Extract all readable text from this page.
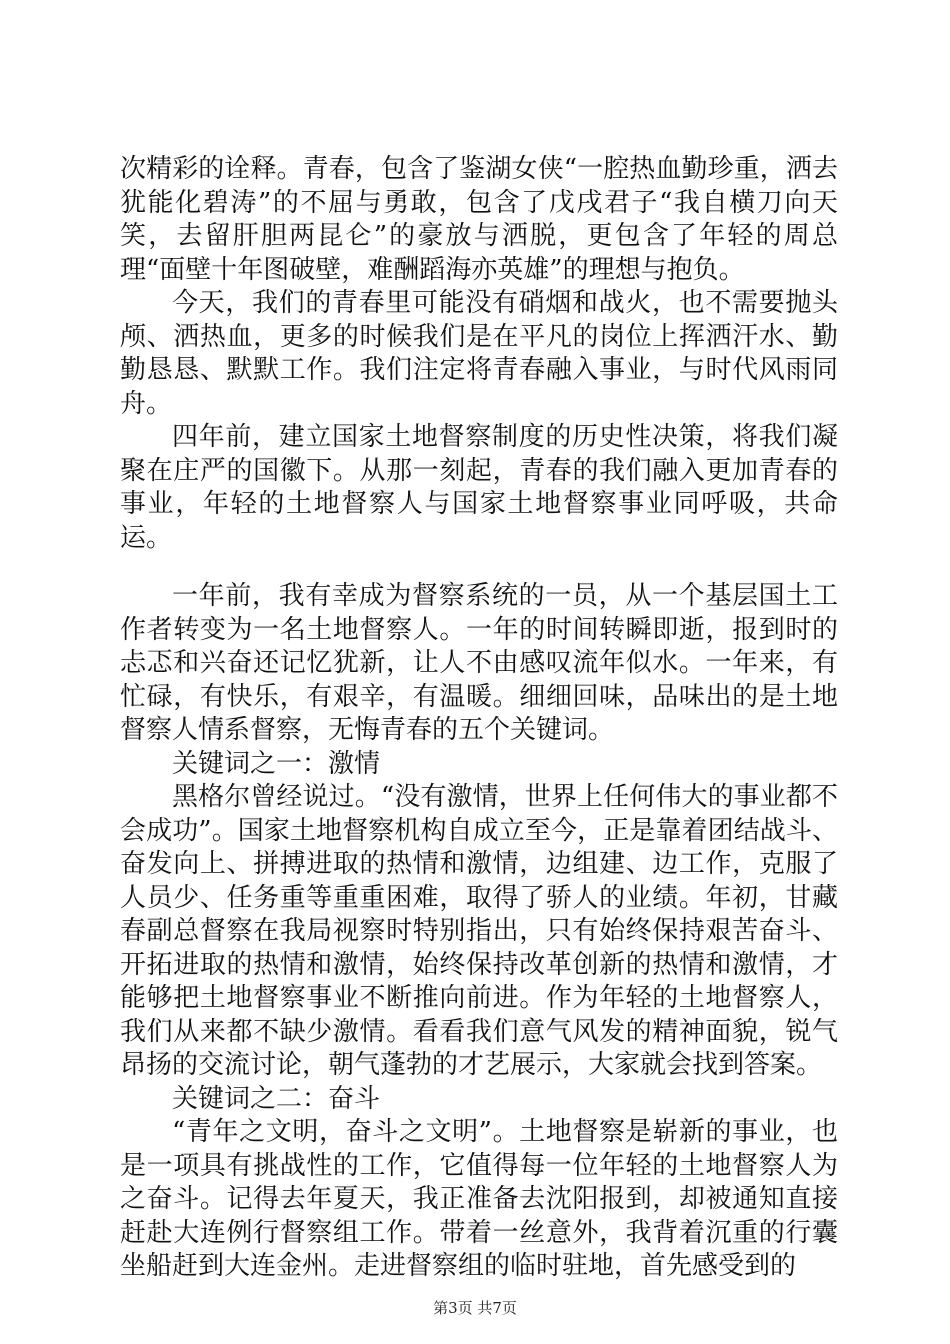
次精彩的诠释。青春，包含了鉴湖女侠“一腔热血勤珍重，洒去犹能化碧涛”的不屈与勇敢，包含了戊戌君子“我自横刀向天笑，去留肝胆两昆仑”的豪放与洒脱，更包含了年轻的周总理“面壁十年图破壁，难酬蹈海亦英雄”的理想与抱负。

今天，我们的青春里可能没有硝烟和战火，也不需要抛头颅、洒热血，更多的时候我们是在平凡的岗位上挥洒汗水、勤勤恳恳、默默工作。我们注定将青春融入事业，与时代风雨同舟。

四年前，建立国家土地督察制度的历史性决策，将我们凝聚在庄严的国徽下。从那一刻起，青春的我们融入更加青春的事业，年轻的土地督察人与国家土地督察事业同呼吸，共命运。

一年前，我有幸成为督察系统的一员，从一个基层国土工作者转变为一名土地督察人。一年的时间转瞬即逝，报到时的忐忑和兴奋还记忆犹新，让人不由感叹流年似水。一年来，有忙碌，有快乐，有艰辛，有温暖。细细回味，品味出的是土地督察人情系督察，无悔青春的五个关键词。

关键词之一：激情

黑格尔曾经说过。“没有激情，世界上任何伟大的事业都不会成功”。国家土地督察机构自成立至今，正是靠着团结战斗、奋发向上、拼搏进取的热情和激情，边组建、边工作，克服了人员少、任务重等重重困难，取得了骄人的业绩。年初，甘藏春副总督察在我局视察时特别指出，只有始终保持艰苦奋斗、开拓进取的热情和激情，始终保持改革创新的热情和激情，才能够把土地督察事业不断推向前进。作为年轻的土地督察人，我们从来都不缺少激情。看看我们意气风发的精神面貌，锐气昂扬的交流讨论，朝气蓬勃的才艺展示，大家就会找到答案。

关键词之二：奋斗

“青年之文明，奋斗之文明”。土地督察是崭新的事业，也是一项具有挑战性的工作，它值得每一位年轻的土地督察人为之奋斗。记得去年夏天，我正准备去沈阳报到，却被通知直接赶赴大连例行督察组工作。带着一丝意外，我背着沉重的行囊坐船赶到大连金州。走进督察组的临时驻地，首先感受到的

第3页 共7页
